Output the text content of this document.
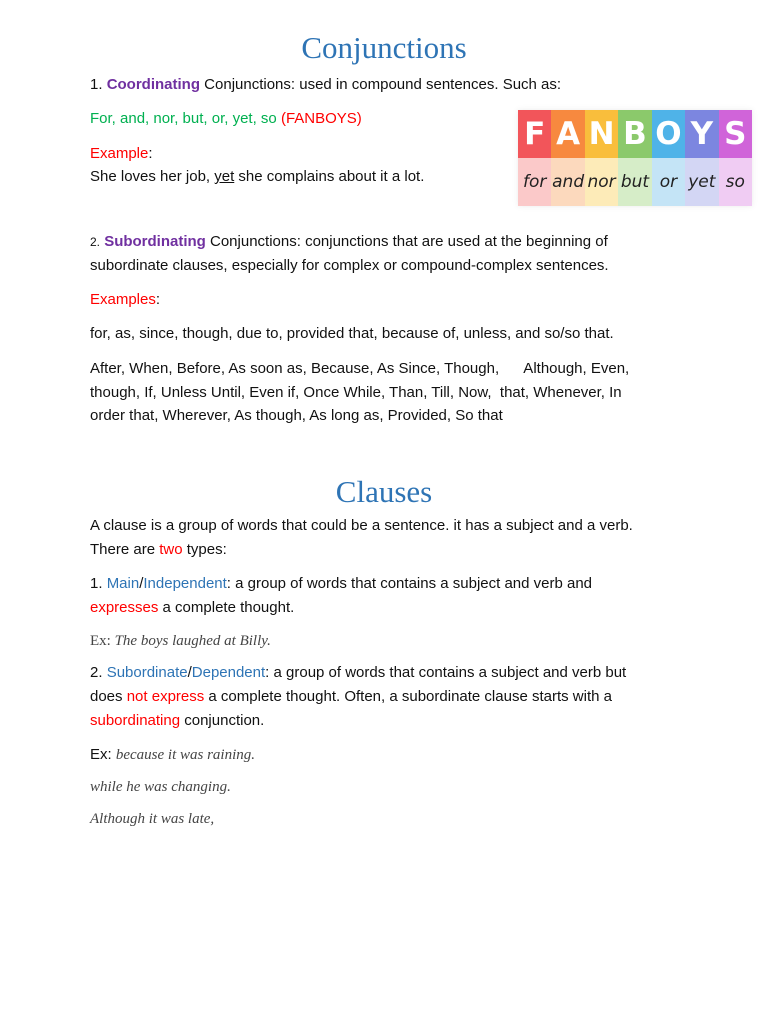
Conjunctions
1. Coordinating Conjunctions: used in compound sentences. Such as:
For, and, nor, but, or, yet, so (FANBOYS)
Example:
She loves her job, yet she complains about it a lot.
F
for
A
and
N
nor
B
but
O
or
Y
yet
S
so
2. Subordinating Conjunctions: conjunctions that are used at the beginning of
subordinate clauses, especially for complex or compound-complex sentences.
Examples:
for, as, since, though, due to, provided that, because of, unless, and so/so that.
After, When, Before, As soon as, Because, As Since, Though,      Although, Even,
though, If, Unless Until, Even if, Once While, Than, Till, Now,  that, Whenever, In
order that, Wherever, As though, As long as, Provided, So that
Clauses
A clause is a group of words that could be a sentence. it has a subject and a verb.
There are two types:
1. Main/Independent: a group of words that contains a subject and verb and
expresses a complete thought.
Ex: The boys laughed at Billy.
2. Subordinate/Dependent: a group of words that contains a subject and verb but
does not express a complete thought. Often, a subordinate clause starts with a
subordinating conjunction.
Ex: because it was raining.
while he was changing.
Although it was late,
